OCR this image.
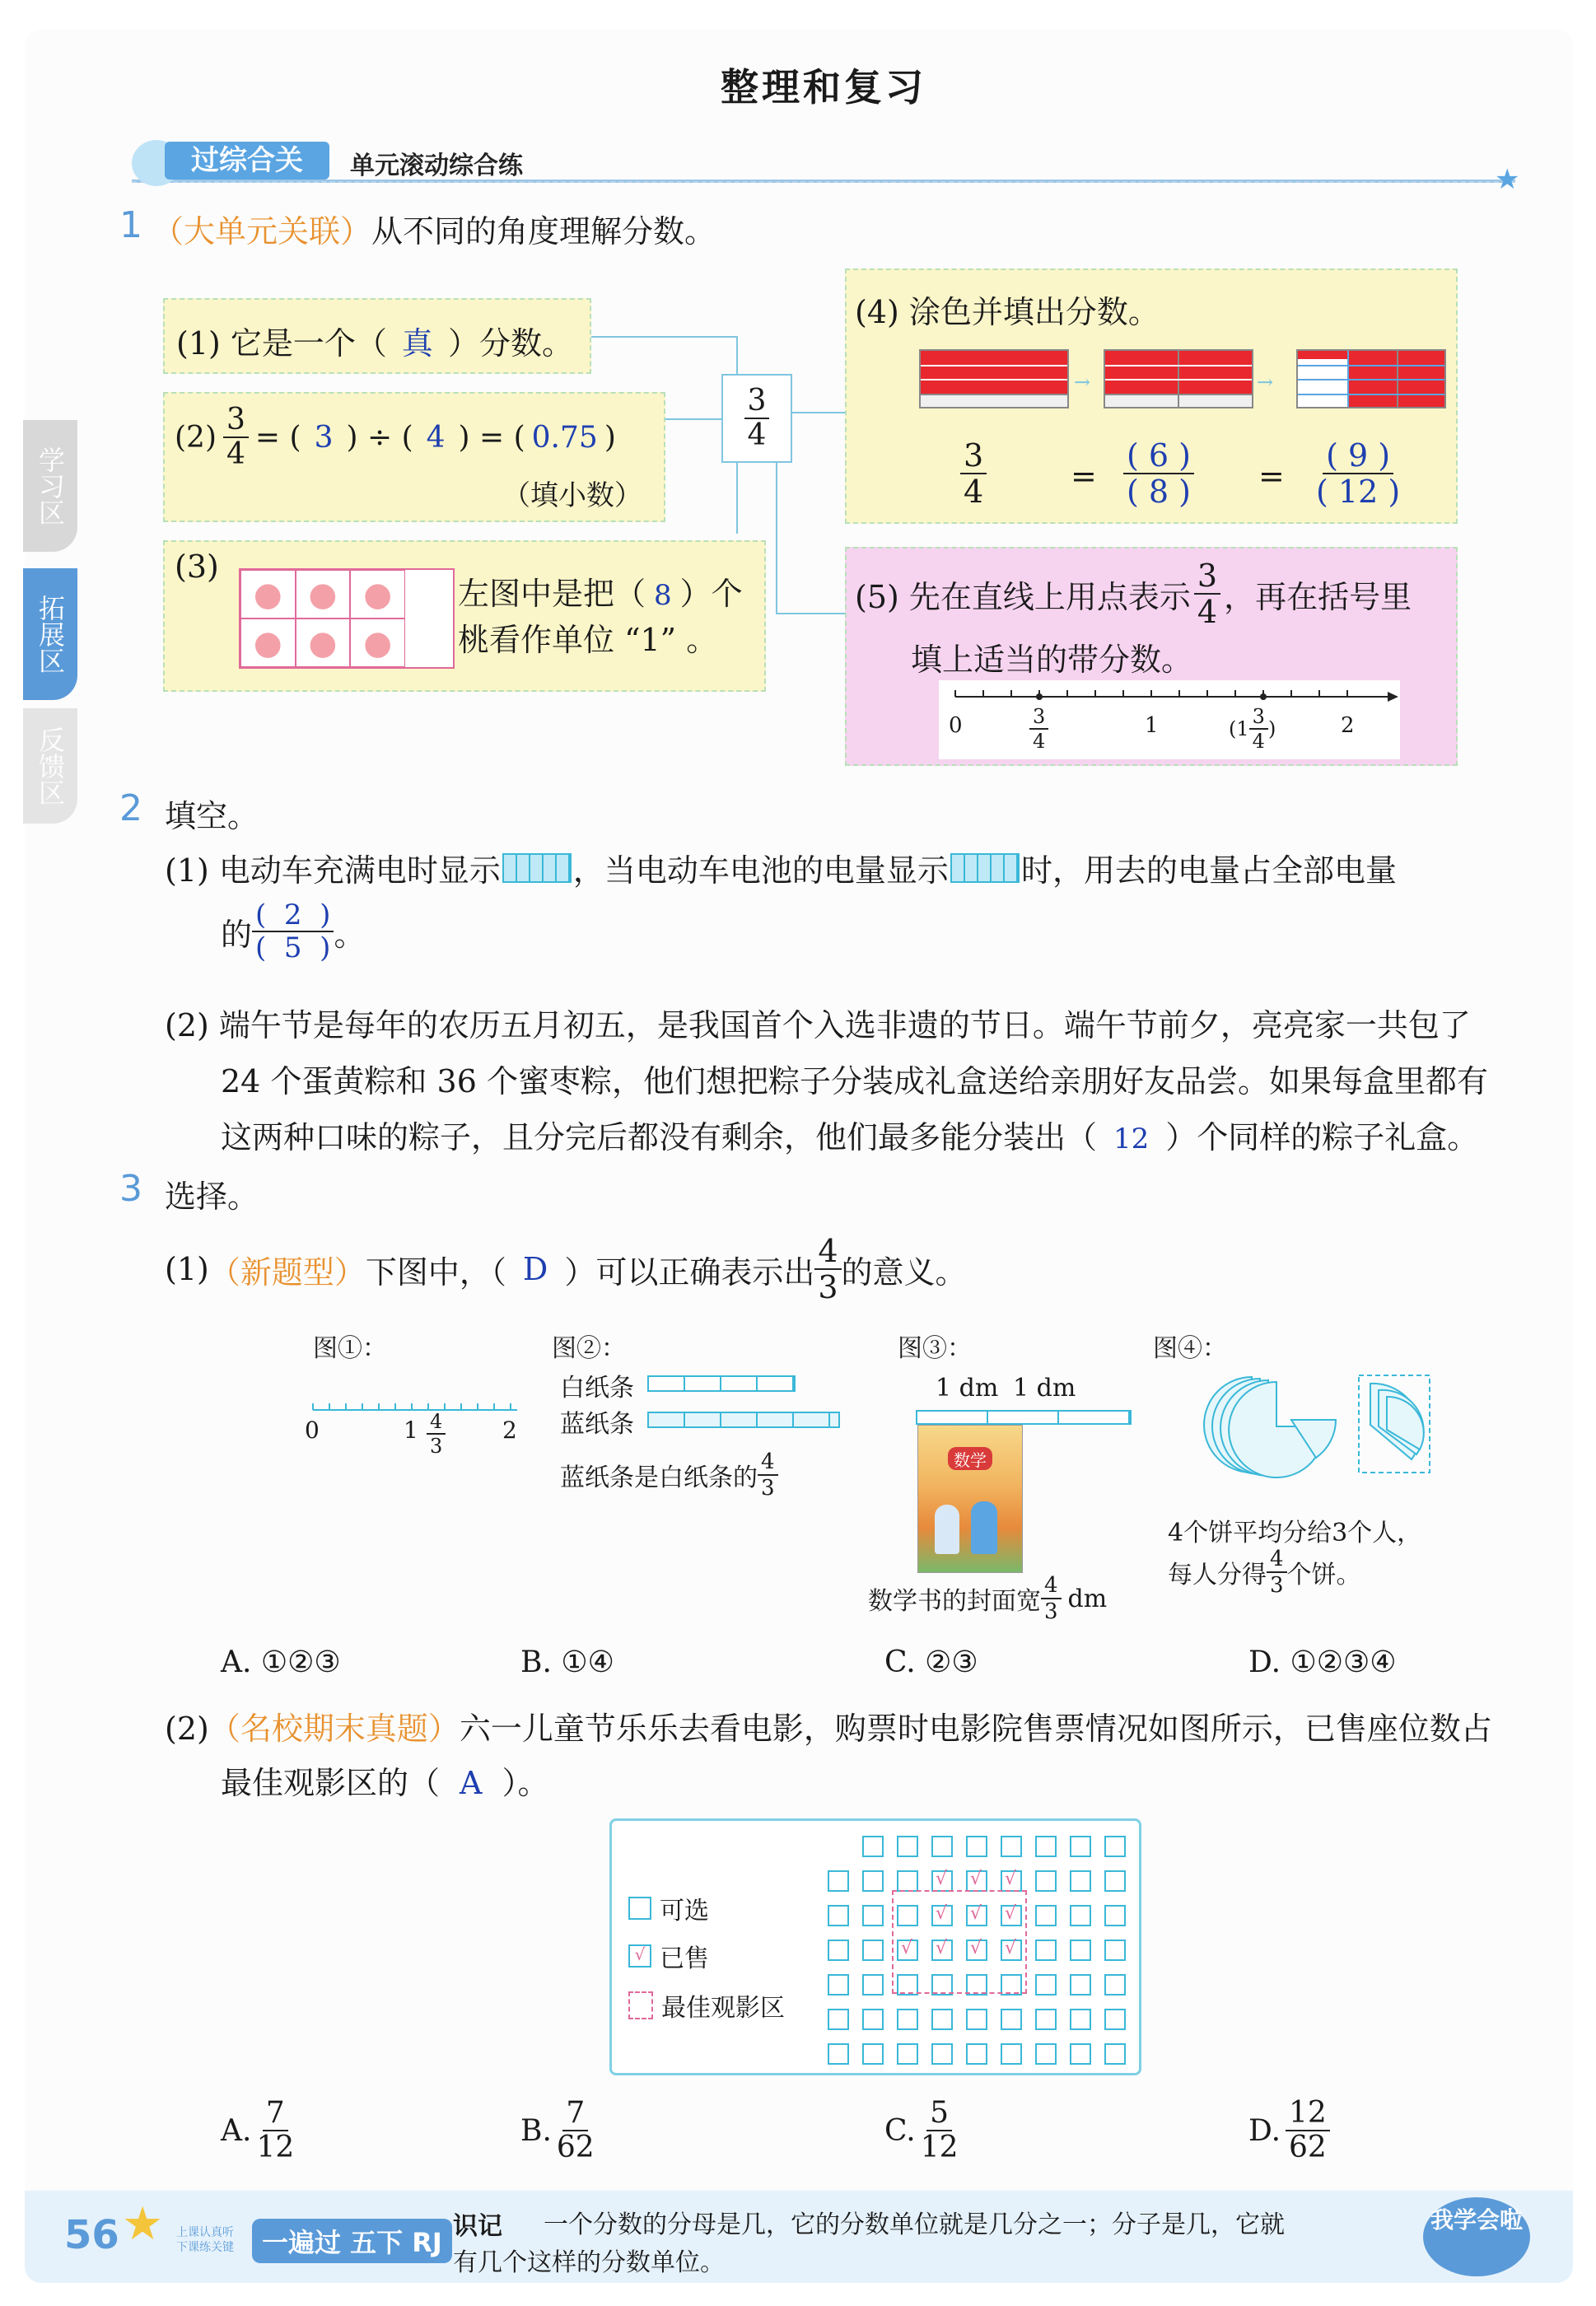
整理和复习
过综合关	单元滚动综合练	★
学习区
拓展区
反馈区
1 （大单元关联）从不同的角度理解分数。
(1) 它是一个（ 真 ）分数。
$(2) \frac{3}{4}$ = ( 3 ) ÷ ( 4 ) = ( 0.75 )
（填小数）
(3)
● ● ●
● ● ●
左图中是把（ 8 ）个
桃看作单位 “1” 。
$\frac{3}{4}$
(4) 涂色并填出分数。
→	→
$\frac{3}{4}$	= $\frac{( 6 )}{( 8 )} = \frac{( 9 )}{( 12 )}$
(5) 先在直线上用点表示 $\frac{3}{4}$ ，再在括号里
填上适当的带分数。
0	1	2
$\frac{3}{4}$	( $1 \frac{3}{4}$ )
2 填空。
(1) 电动车充满电时显示 ，当电动车电池的电量显示 时，用去的电量占全部电量
的 $\frac{( 2 )}{( 5 )}$ 。
(2) 端午节是每年的农历五月初五，是我国首个入选非遗的节日。端午节前夕，亮亮家一共包了
24 个蛋黄粽和 36 个蜜枣粽，他们想把粽子分装成礼盒送给亲朋好友品尝。如果每盒里都有
这两种口味的粽子，且分完后都没有剩余，他们最多能分装出（ 12 ）个同样的粽子礼盒。
3 选择。
(1) （新题型） 下图中，（ D ）可以正确表示出 $\frac{4}{3}$ 的意义。
图①：
0	1	2
$\frac{4}{3}$
图②：
白纸条
蓝纸条
蓝纸条是白纸条的 $\frac{4}{3}$
图③：
1 dm 1 dm
数学
数学书的封面宽 $\frac{4}{3}$ dm
图④：
4个饼平均分给3个人，
每人分得 $\frac{4}{3}$ 个饼。
A. ①②③	B. ①④	C. ②③	D. ①②③④
(2)（名校期末真题）六一儿童节乐乐去看电影，购票时电影院售票情况如图所示，已售座位数占
最佳观影区的（ A ）。
可选
√ 已售
最佳观影区
√
√
√
√
√
√
√
√
√
√
A. $\frac{7}{12}$	B. $\frac{7}{62}$	C. $\frac{5}{12}$	D. $\frac{12}{62}$
56 ★ 上课认真听
下课练关键	一遍过 五下 RJ
识记 一个分数的分母是几，它的分数单位就是几分之一；分子是几，它就
有几个这样的分数单位。
我学会啦
